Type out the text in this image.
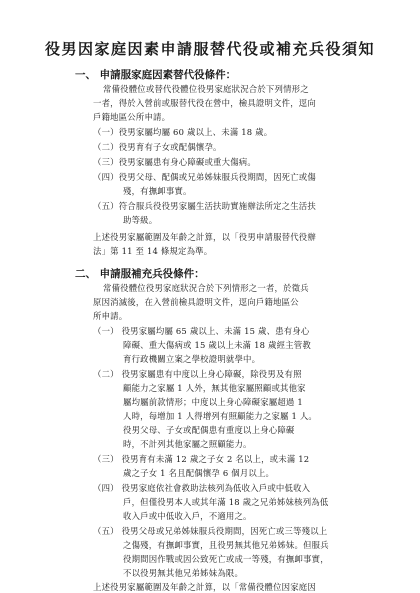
役男因家庭因素申請服替代役或補充兵役須知
一、 申請服家庭因素替代役條件：
常備役體位或替代役體位役男家庭狀況合於下列情形之
一者，得於入營前或服替代役在營中，檢具證明文件，逕向
戶籍地區公所申請。
（一）役男家屬均屬 60 歲以上、未滿 18 歲。
（二）役男育有子女或配偶懷孕。
（三）役男家屬患有身心障礙或重大傷病。
（四）役男父母、配偶或兄弟姊妹服兵役期間，因死亡或傷
殘，有撫卹事實。
（五）符合服兵役役男家屬生活扶助實施辦法所定之生活扶
助等級。
上述役男家屬範圍及年齡之計算，以「役男申請服替代役辦
法」第 11 至 14 條規定為準。
二、 申請服補充兵役條件：
常備役體位役男家庭狀況合於下列情形之一者，於徵兵
原因消滅後，在入營前檢具證明文件，逕向戶籍地區公
所申請。
（一） 役男家屬均屬 65 歲以上、未滿 15 歲、患有身心
障礙、重大傷病或 15 歲以上未滿 18 歲經主管教
育行政機關立案之學校證明就學中。
（二） 役男家屬患有中度以上身心障礙，除役男及有照
顧能力之家屬 1 人外，無其他家屬照顧或其他家
屬均屬前款情形；中度以上身心障礙家屬超過 1
人時，每增加 1 人得增列有照顧能力之家屬 1 人。
役男父母、子女或配偶患有重度以上身心障礙
時，不計列其他家屬之照顧能力。
（三） 役男育有未滿 12 歲之子女 2 名以上，或未滿 12
歲之子女 1 名且配偶懷孕 6 個月以上。
（四） 役男家庭依社會救助法核列為低收入戶或中低收入
戶，但僅役男本人或其年滿 18 歲之兄弟姊妹核列為低
收入戶或中低收入戶，不適用之。
（五） 役男父母或兄弟姊妹服兵役期間，因死亡或三等殘以上
之傷殘，有撫卹事實，且役男無其他兄弟姊妹。但服兵
役期間因作戰或因公致死亡或成一等殘，有撫卹事實，
不以役男無其他兄弟姊妹為限。
上述役男家屬範圍及年齡之計算，以「常備役體位因家庭因
